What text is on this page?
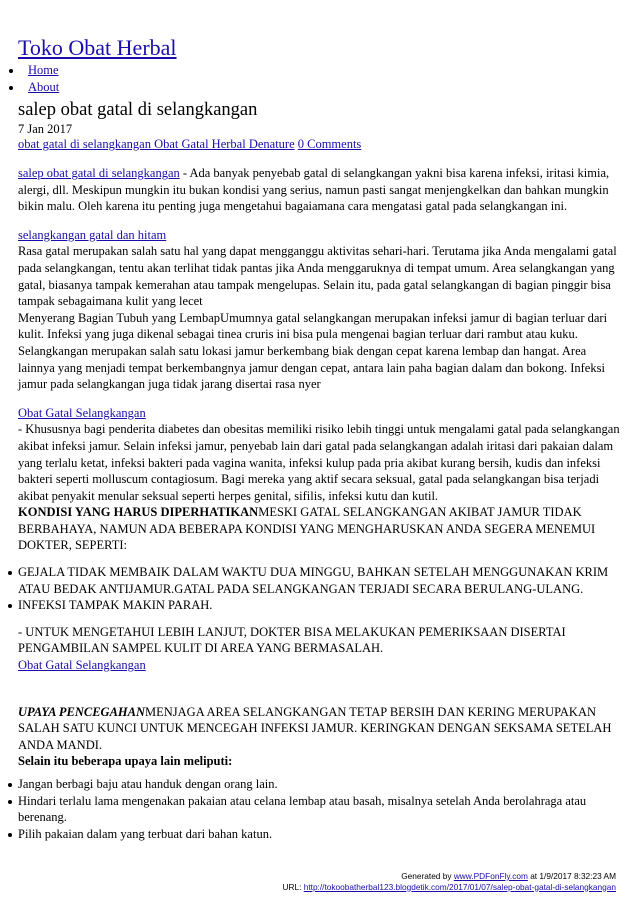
Toko Obat Herbal
Home
About
salep obat gatal di selangkangan
7 Jan 2017
obat gatal di selangkangan Obat Gatal Herbal Denature 0 Comments

salep obat gatal di selangkangan - Ada banyak penyebab gatal di selangkangan yakni bisa karena infeksi, iritasi kimia, alergi, dll. Meskipun mungkin itu bukan kondisi yang serius, namun pasti sangat menjengkelkan dan bahkan mungkin bikin malu. Oleh karena itu penting juga mengetahui bagaiamana cara mengatasi gatal pada selangkangan ini.

selangkangan gatal dan hitam

Rasa gatal merupakan salah satu hal yang dapat mengganggu aktivitas sehari-hari. Terutama jika Anda mengalami gatal pada selangkangan, tentu akan terlihat tidak pantas jika Anda menggaruknya di tempat umum. Area selangkangan yang gatal, biasanya tampak kemerahan atau tampak mengelupas. Selain itu, pada gatal selangkangan di bagian pinggir bisa tampak sebagaimana kulit yang lecet

Menyerang Bagian Tubuh yang LembapUmumnya gatal selangkangan merupakan infeksi jamur di bagian terluar dari kulit. Infeksi yang juga dikenal sebagai tinea cruris ini bisa pula mengenai bagian terluar dari rambut atau kuku. Selangkangan merupakan salah satu lokasi jamur berkembang biak dengan cepat karena lembap dan hangat. Area lainnya yang menjadi tempat berkembangnya jamur dengan cepat, antara lain paha bagian dalam dan bokong. Infeksi jamur pada selangkangan juga tidak jarang disertai rasa nyer

Obat Gatal Selangkangan

- Khususnya bagi penderita diabetes dan obesitas memiliki risiko lebih tinggi untuk mengalami gatal pada selangkangan akibat infeksi jamur. Selain infeksi jamur, penyebab lain dari gatal pada selangkangan adalah iritasi dari pakaian dalam yang terlalu ketat, infeksi bakteri pada vagina wanita, infeksi kulup pada pria akibat kurang bersih, kudis dan infeksi bakteri seperti molluscum contagiosum. Bagi mereka yang aktif secara seksual, gatal pada selangkangan bisa terjadi akibat penyakit menular seksual seperti herpes genital, sifilis, infeksi kutu dan kutil.

KONDISI YANG HARUS DIPERHATIKANMESKI GATAL SELANGKANGAN AKIBAT JAMUR TIDAK BERBAHAYA, NAMUN ADA BEBERAPA KONDISI YANG MENGHARUSKAN ANDA SEGERA MENEMUI DOKTER, SEPERTI:

GEJALA TIDAK MEMBAIK DALAM WAKTU DUA MINGGU, BAHKAN SETELAH MENGGUNAKAN KRIM ATAU BEDAK ANTIJAMUR.GATAL PADA SELANGKANGAN TERJADI SECARA BERULANG-ULANG.
INFEKSI TAMPAK MAKIN PARAH.

- UNTUK MENGETAHUI LEBIH LANJUT, DOKTER BISA MELAKUKAN PEMERIKSAAN DISERTAI PENGAMBILAN SAMPEL KULIT DI AREA YANG BERMASALAH.

Obat Gatal Selangkangan

UPAYA PENCEGAHANMENJAGA AREA SELANGKANGAN TETAP BERSIH DAN KERING MERUPAKAN SALAH SATU KUNCI UNTUK MENCEGAH INFEKSI JAMUR. KERINGKAN DENGAN SEKSAMA SETELAH ANDA MANDI.

Selain itu beberapa upaya lain meliputi:

Jangan berbagi baju atau handuk dengan orang lain.
Hindari terlalu lama mengenakan pakaian atau celana lembap atau basah, misalnya setelah Anda berolahraga atau berenang.
Pilih pakaian dalam yang terbuat dari bahan katun.
Generated by www.PDFonFly.com at 1/9/2017 8:32:23 AM
URL: http://tokoobatherbal123.blogdetik.com/2017/01/07/salep-obat-gatal-di-selangkangan
